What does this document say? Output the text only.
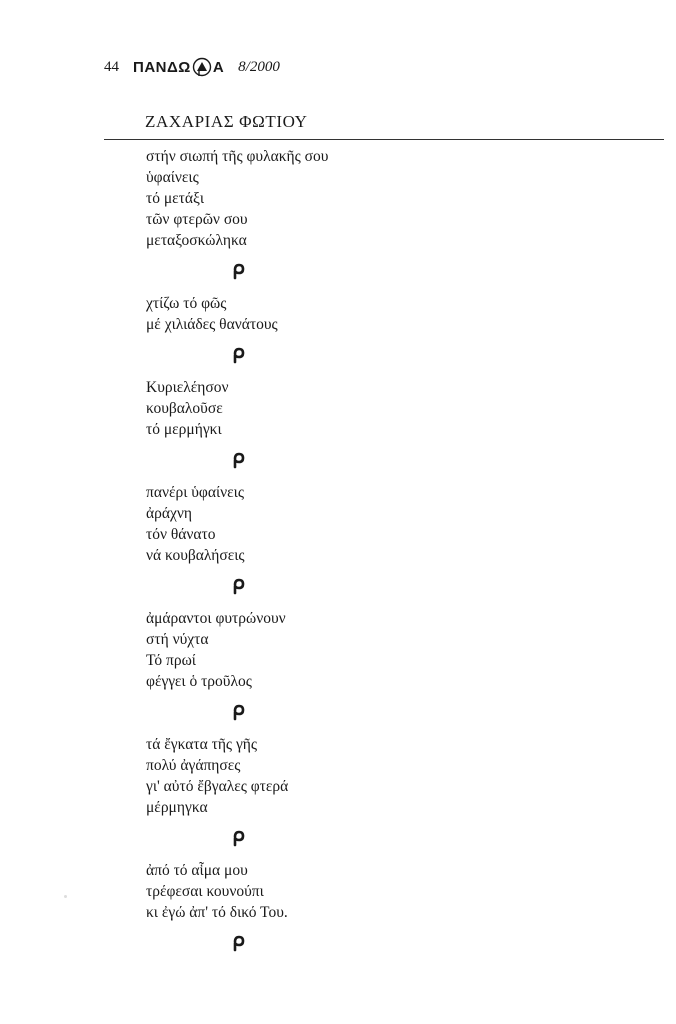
44 ΠΑΝΔΩ Α 8/2000
ΖΑΧΑΡΙΑΣ ΦΩΤΙΟΥ
στήν σιωπή τῆς φυλακῆς σου
ὑφαίνεις
τό μετάξι
τῶν φτερῶν σου
μεταξοσκώληκα
χτίζω τό φῶς
μέ χιλιάδες θανάτους
Κυριελέησον
κουβαλοῦσε
τό μερμήγκι
πανέρι ὑφαίνεις
ἀράχνη
τόν θάνατο
νά κουβαλήσεις
ἀμάραντοι φυτρώνουν
στή νύχτα
Τό πρωί
φέγγει ὁ τροῦλος
τά ἔγκατα τῆς γῆς
πολύ ἀγάπησες
γι' αὐτό ἔβγαλες φτερά
μέρμηγκα
ἀπό τό αἷμα μου
τρέφεσαι κουνούπι
κι ἐγώ ἀπ' τό δικό Του.
